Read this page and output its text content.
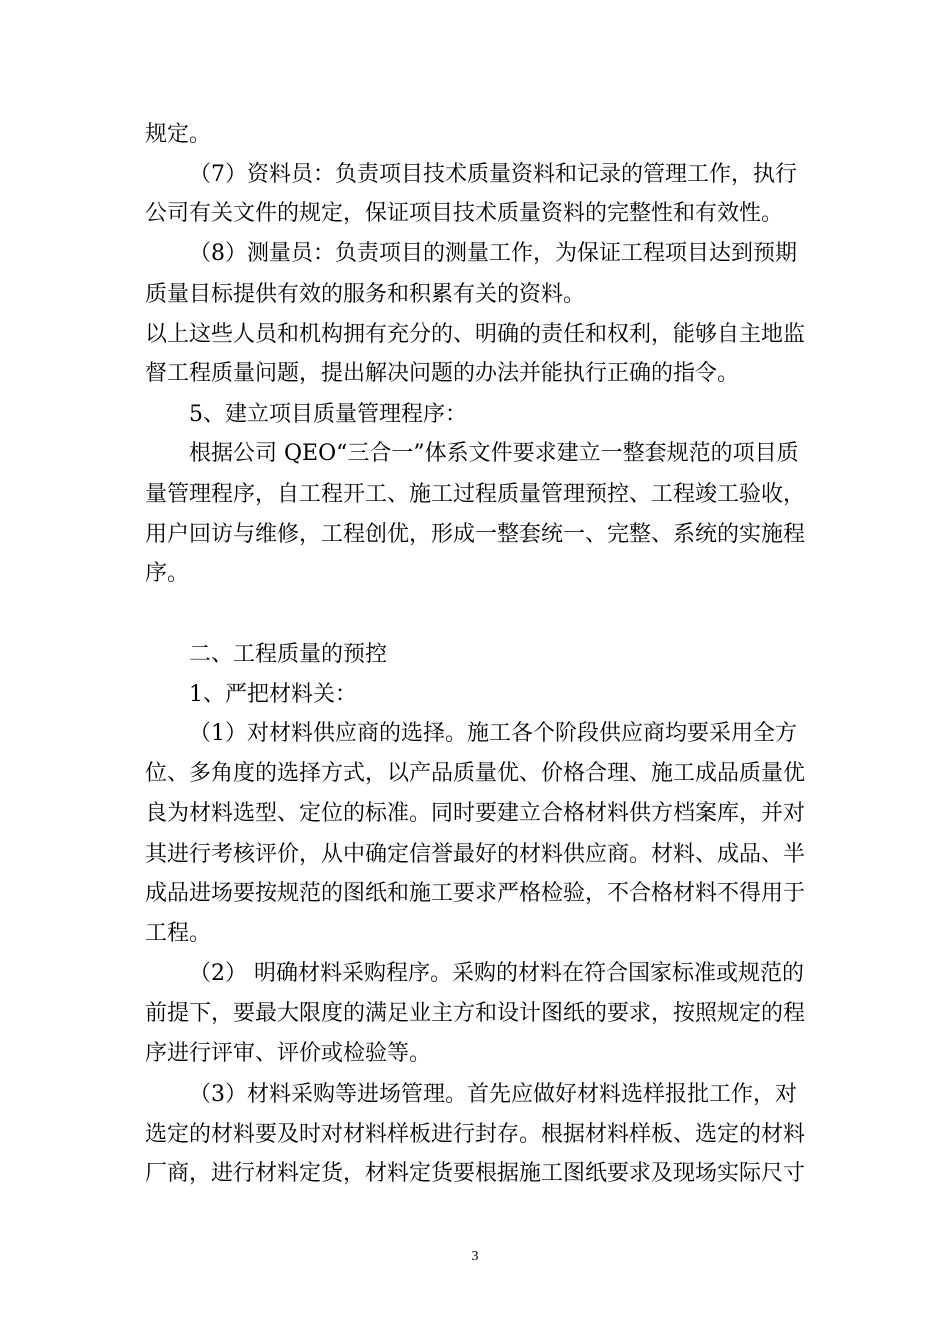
规定。

（7）资料员：负责项目技术质量资料和记录的管理工作，执行

公司有关文件的规定，保证项目技术质量资料的完整性和有效性。

（8）测量员：负责项目的测量工作，为保证工程项目达到预期

质量目标提供有效的服务和积累有关的资料。

以上这些人员和机构拥有充分的、明确的责任和权利，能够自主地监

督工程质量问题，提出解决问题的办法并能执行正确的指令。

5、建立项目质量管理程序：

根据公司 QEO“三合一”体系文件要求建立一整套规范的项目质

量管理程序，自工程开工、施工过程质量管理预控、工程竣工验收，

用户回访与维修，工程创优，形成一整套统一、完整、系统的实施程

序。

二、工程质量的预控

1、严把材料关：

（1）对材料供应商的选择。施工各个阶段供应商均要采用全方

位、多角度的选择方式，以产品质量优、价格合理、施工成品质量优

良为材料选型、定位的标准。同时要建立合格材料供方档案库，并对

其进行考核评价，从中确定信誉最好的材料供应商。材料、成品、半

成品进场要按规范的图纸和施工要求严格检验，不合格材料不得用于

工程。

（2） 明确材料采购程序。采购的材料在符合国家标准或规范的

前提下，要最大限度的满足业主方和设计图纸的要求，按照规定的程

序进行评审、评价或检验等。

（3）材料采购等进场管理。首先应做好材料选样报批工作，对

选定的材料要及时对材料样板进行封存。根据材料样板、选定的材料

厂商，进行材料定货，材料定货要根据施工图纸要求及现场实际尺寸

3
